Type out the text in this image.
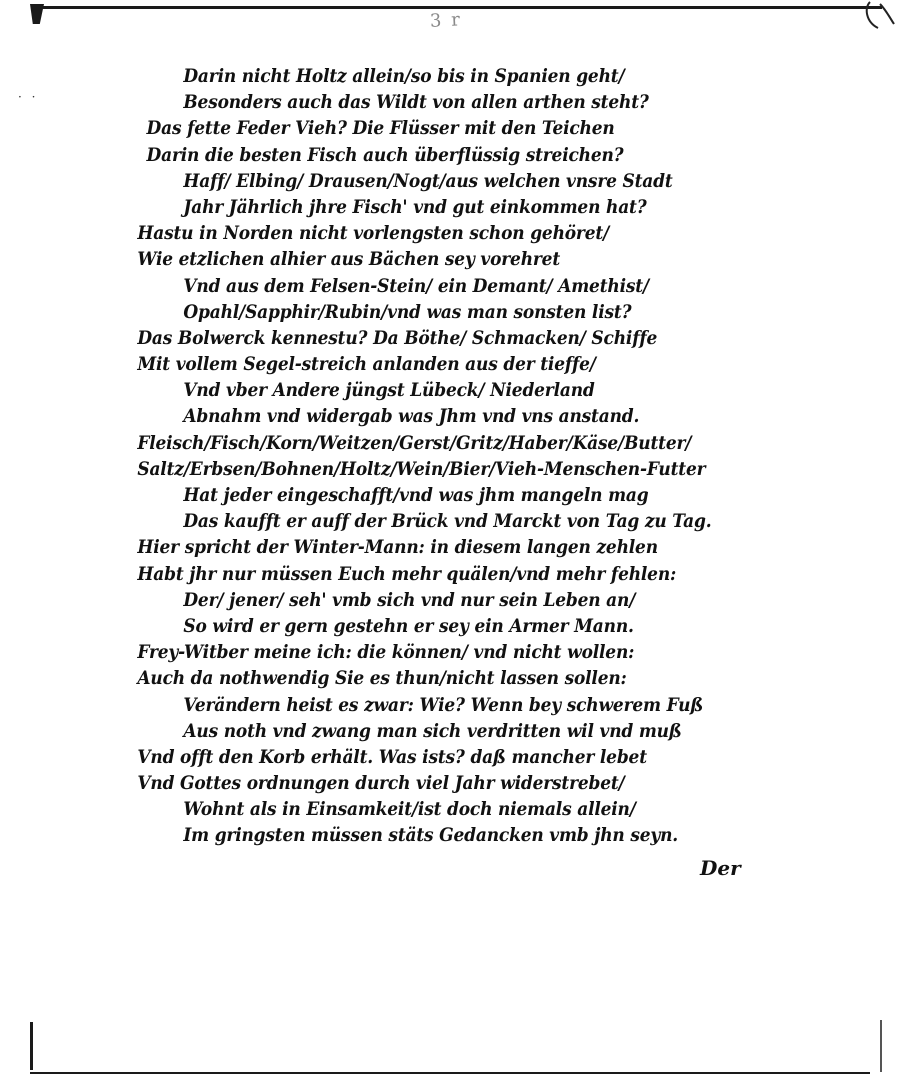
3 r
· ·
Darin nicht Holtz allein/so bis in Spanien geht/
Besonders auch das Wildt von allen arthen steht?
Das fette Feder Vieh? Die Flüsser mit den Teichen
Darin die besten Fisch auch überflüssig streichen?
Haff/ Elbing/ Drausen/Nogt/aus welchen vnsre Stadt
Jahr Jährlich jhre Fisch' vnd gut einkommen hat?
Hastu in Norden nicht vorlengsten schon gehöret/
Wie etzlichen alhier aus Bächen sey vorehret
Vnd aus dem Felsen-Stein/ ein Demant/ Amethist/
Opahl/Sapphir/Rubin/vnd was man sonsten list?
Das Bolwerck kennestu? Da Böthe/ Schmacken/ Schiffe
Mit vollem Segel-streich anlanden aus der tieffe/
Vnd vber Andere jüngst Lübeck/ Niederland
Abnahm vnd widergab was Jhm vnd vns anstand.
Fleisch/Fisch/Korn/Weitzen/Gerst/Gritz/Haber/Käse/Butter/
Saltz/Erbsen/Bohnen/Holtz/Wein/Bier/Vieh-Menschen-Futter
Hat jeder eingeschafft/vnd was jhm mangeln mag
Das kaufft er auff der Brück vnd Marckt von Tag zu Tag.
Hier spricht der Winter-Mann: in diesem langen zehlen
Habt jhr nur müssen Euch mehr quälen/vnd mehr fehlen:
Der/ jener/ seh' vmb sich vnd nur sein Leben an/
So wird er gern gestehn er sey ein Armer Mann.
Frey-Witber meine ich: die können/ vnd nicht wollen:
Auch da nothwendig Sie es thun/nicht lassen sollen:
Verändern heist es zwar: Wie? Wenn bey schwerem Fuß
Aus noth vnd zwang man sich verdritten wil vnd muß
Vnd offt den Korb erhält. Was ists? daß mancher lebet
Vnd Gottes ordnungen durch viel Jahr widerstrebet/
Wohnt als in Einsamkeit/ist doch niemals allein/
Im gringsten müssen stäts Gedancken vmb jhn seyn.
Der
